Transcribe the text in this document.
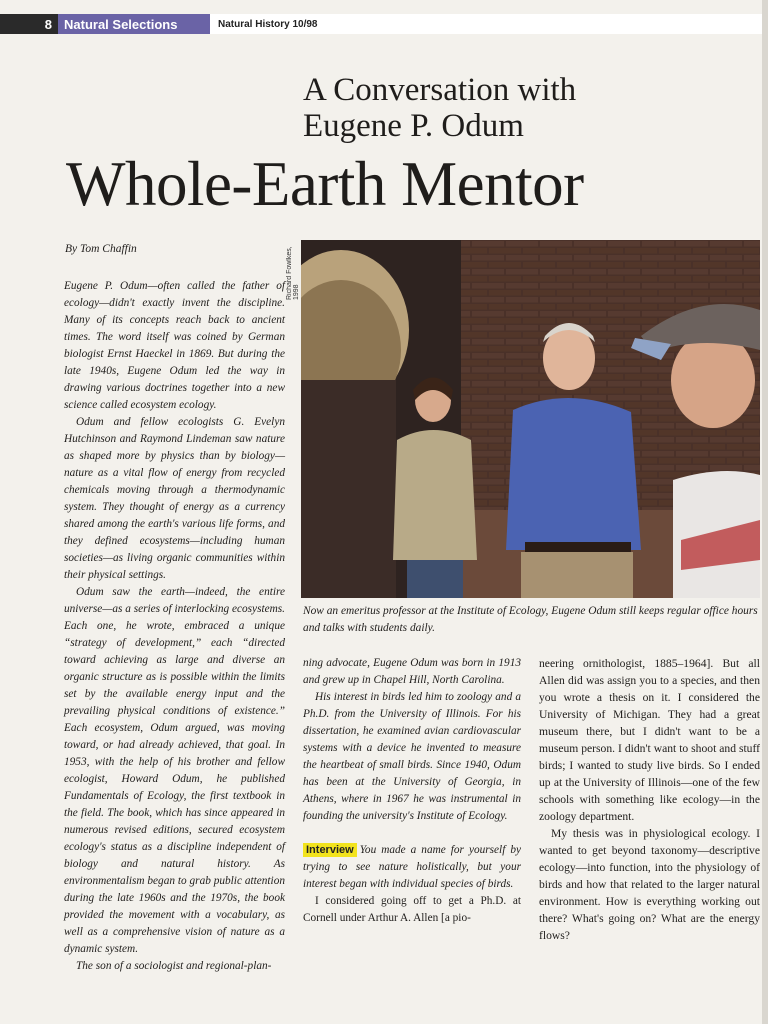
8 Natural Selections	Natural History 10/98
A Conversation with
Eugene P. Odum
Whole-Earth Mentor
By Tom Chaffin	Richard Fowlkes, 1998
Now an emeritus professor at the Institute of Ecology, Eugene Odum still keeps regular office hours and talks with students daily.

Eugene P. Odum—often called the father of ecology—didn't exactly invent the discipline. Many of its concepts reach back to ancient times. The word itself was coined by German biologist Ernst Haeckel in 1869. But during the late 1940s, Eugene Odum led the way in drawing various doctrines together into a new science called ecosystem ecology.

Odum and fellow ecologists G. Evelyn Hutchinson and Raymond Lindeman saw nature as shaped more by physics than by biology—nature as a vital flow of energy from recycled chemicals moving through a thermodynamic system. They thought of energy as a currency shared among the earth's various life forms, and they defined ecosystems—including human societies—as living organic communities within their physical settings.

Odum saw the earth—indeed, the entire universe—as a series of interlocking ecosystems. Each one, he wrote, embraced a unique “strategy of development,” each “directed toward achieving as large and diverse an organic structure as is possible within the limits set by the available energy input and the prevailing physical conditions of existence.” Each ecosystem, Odum argued, was moving toward, or had already achieved, that goal. In 1953, with the help of his brother and fellow ecologist, Howard Odum, he published Fundamentals of Ecology, the first textbook in the field. The book, which has since appeared in numerous revised editions, secured ecosystem ecology's status as a discipline independent of biology and natural history. As environmentalism began to grab public attention during the late 1960s and the 1970s, the book provided the movement with a vocabulary, as well as a comprehensive vision of nature as a dynamic system.

The son of a sociologist and regional-plan-

ning advocate, Eugene Odum was born in 1913 and grew up in Chapel Hill, North Carolina.

His interest in birds led him to zoology and a Ph.D. from the University of Illinois. For his dissertation, he examined avian cardiovascular systems with a device he invented to measure the heartbeat of small birds. Since 1940, Odum has been at the University of Georgia, in Athens, where in 1967 he was instrumental in founding the university's Institute of Ecology.

Interview You made a name for yourself by trying to see nature holistically, but your interest began with individual species of birds.

I considered going off to get a Ph.D. at Cornell under Arthur A. Allen [a pio-

neering ornithologist, 1885–1964]. But all Allen did was assign you to a species, and then you wrote a thesis on it. I considered the University of Michigan. They had a great museum there, but I didn't want to be a museum person. I didn't want to shoot and stuff birds; I wanted to study live birds. So I ended up at the University of Illinois—one of the few schools with something like ecology—in the zoology department.

My thesis was in physiological ecology. I wanted to get beyond taxonomy—descriptive ecology—into function, into the physiology of birds and how that related to the larger natural environment. How is everything working out there? What's going on? What are the energy flows?
